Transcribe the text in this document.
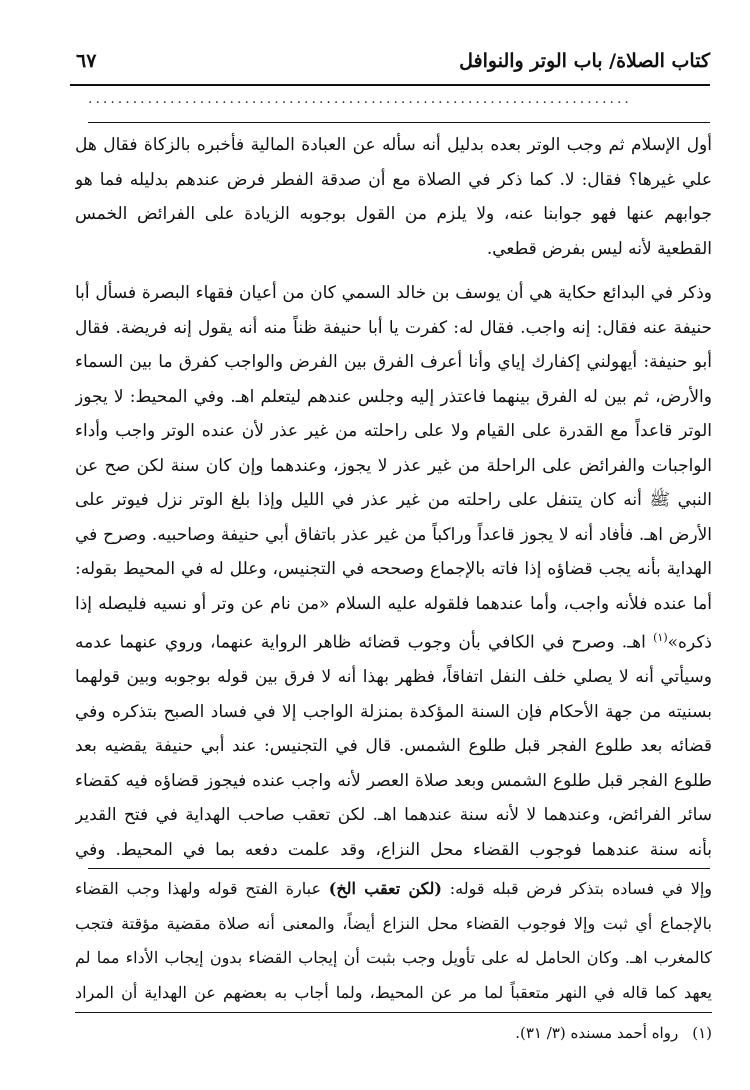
كتاب الصلاة/ باب الوتر والنوافل
٦٧
.........................................................................

أول الإسلام ثم وجب الوتر بعده بدليل أنه سأله عن العبادة المالية فأخبره بالزكاة فقال هل علي غيرها؟ فقال: لا. كما ذكر في الصلاة مع أن صدقة الفطر فرض عندهم بدليله فما هو جوابهم عنها فهو جوابنا عنه، ولا يلزم من القول بوجوبه الزيادة على الفرائض الخمس القطعية لأنه ليس بفرض قطعي.

وذكر في البدائع حكاية هي أن يوسف بن خالد السمي كان من أعيان فقهاء البصرة فسأل أبا حنيفة عنه فقال: إنه واجب. فقال له: كفرت يا أبا حنيفة ظناً منه أنه يقول إنه فريضة. فقال أبو حنيفة: أيهولني إكفارك إياي وأنا أعرف الفرق بين الفرض والواجب كفرق ما بين السماء والأرض، ثم بين له الفرق بينهما فاعتذر إليه وجلس عندهم ليتعلم اهـ. وفي المحيط: لا يجوز الوتر قاعداً مع القدرة على القيام ولا على راحلته من غير عذر لأن عنده الوتر واجب وأداء الواجبات والفرائض على الراحلة من غير عذر لا يجوز، وعندهما وإن كان سنة لكن صح عن النبي ﷺ أنه كان يتنفل على راحلته من غير عذر في الليل وإذا بلغ الوتر نزل فيوتر على الأرض اهـ. فأفاد أنه لا يجوز قاعداً وراكباً من غير عذر باتفاق أبي حنيفة وصاحبيه. وصرح في الهداية بأنه يجب قضاؤه إذا فاته بالإجماع وصححه في التجنيس، وعلل له في المحيط بقوله: أما عنده فلأنه واجب، وأما عندهما فلقوله عليه السلام «من نام عن وتر أو نسيه فليصله إذا ذكره»$^{(١)}$ اهـ. وصرح في الكافي بأن وجوب قضائه ظاهر الرواية عنهما، وروي عنهما عدمه وسيأتي أنه لا يصلي خلف النفل اتفاقاً، فظهر بهذا أنه لا فرق بين قوله بوجوبه وبين قولهما بسنيته من جهة الأحكام فإن السنة المؤكدة بمنزلة الواجب إلا في فساد الصبح بتذكره وفي قضائه بعد طلوع الفجر قبل طلوع الشمس. قال في التجنيس: عند أبي حنيفة يقضيه بعد طلوع الفجر قبل طلوع الشمس وبعد صلاة العصر لأنه واجب عنده فيجوز قضاؤه فيه كقضاء سائر الفرائض، وعندهما لا لأنه سنة عندهما اهـ. لكن تعقب صاحب الهداية في فتح القدير بأنه سنة عندهما فوجوب القضاء محل النزاع، وقد علمت دفعه بما في المحيط. وفي

وإلا في فساده بتذكر فرض قبله قوله: (لكن تعقب الخ) عبارة الفتح قوله ولهذا وجب القضاء بالإجماع أي ثبت وإلا فوجوب القضاء محل النزاع أيضاً، والمعنى أنه صلاة مقضية مؤقتة فتجب كالمغرب اهـ. وكان الحامل له على تأويل وجب بثبت أن إيجاب القضاء بدون إيجاب الأداء مما لم يعهد كما قاله في النهر متعقباً لما مر عن المحيط، ولما أجاب به بعضهم عن الهداية أن المراد

(١)رواه أحمد مسنده (٣/ ٣١).
